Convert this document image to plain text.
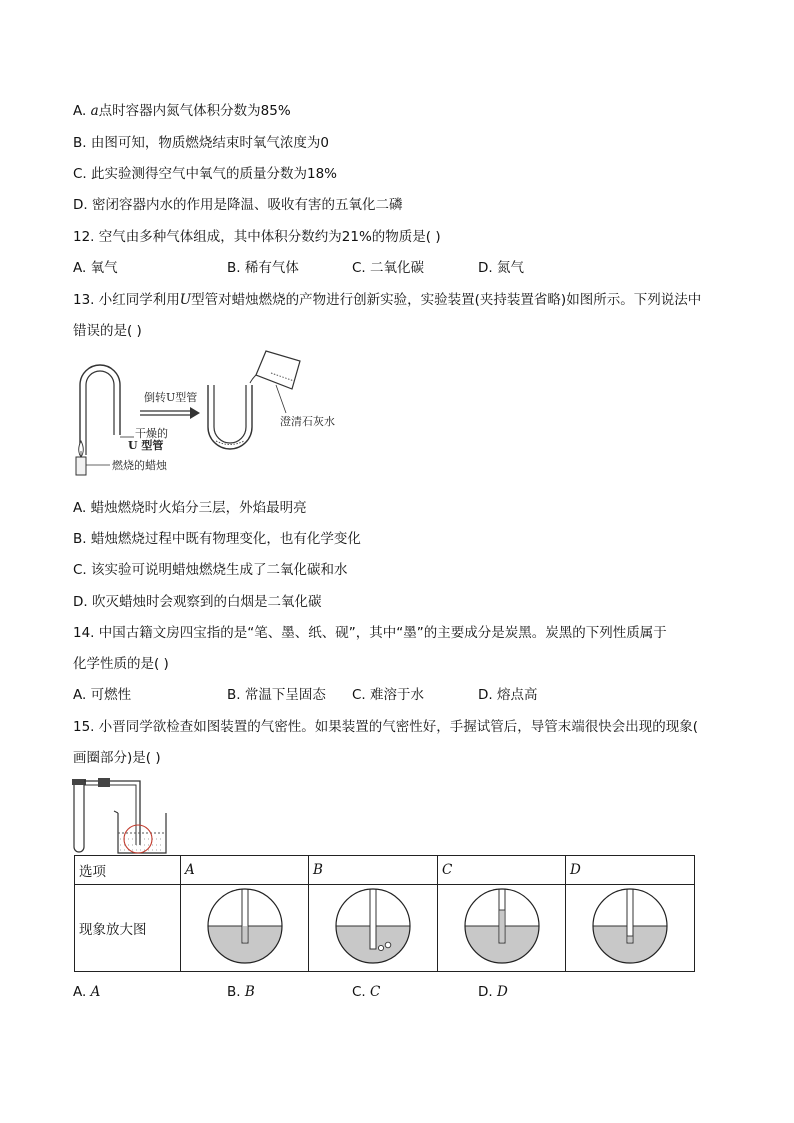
A. a点时容器内氮气体积分数为85%
B. 由图可知，物质燃烧结束时氧气浓度为0
C. 此实验测得空气中氧气的质量分数为18%
D. 密闭容器内水的作用是降温、吸收有害的五氧化二磷
12. 空气由多种气体组成，其中体积分数约为21%的物质是( )
A. 氧气	B. 稀有气体	C. 二氧化碳	D. 氮气
13. 小红同学利用U型管对蜡烛燃烧的产物进行创新实验，实验装置(夹持装置省略)如图所示。下列说法中
错误的是( )
干燥的
U 型管
燃烧的蜡烛
倒转U型管
澄清石灰水
A. 蜡烛燃烧时火焰分三层，外焰最明亮
B. 蜡烛燃烧过程中既有物理变化，也有化学变化
C. 该实验可说明蜡烛燃烧生成了二氧化碳和水
D. 吹灭蜡烛时会观察到的白烟是二氧化碳
14. 中国古籍文房四宝指的是“笔、墨、纸、砚”，其中“墨”的主要成分是炭黑。炭黑的下列性质属于
化学性质的是( )
A. 可燃性	B. 常温下呈固态 C. 难溶于水	D. 熔点高
15. 小晋同学欲检查如图装置的气密性。如果装置的气密性好，手握试管后，导管末端很快会出现的现象(
画圈部分)是( )
选项	A	B	C	D
现象放大图				
A. A	B. B	C. C	D. D
